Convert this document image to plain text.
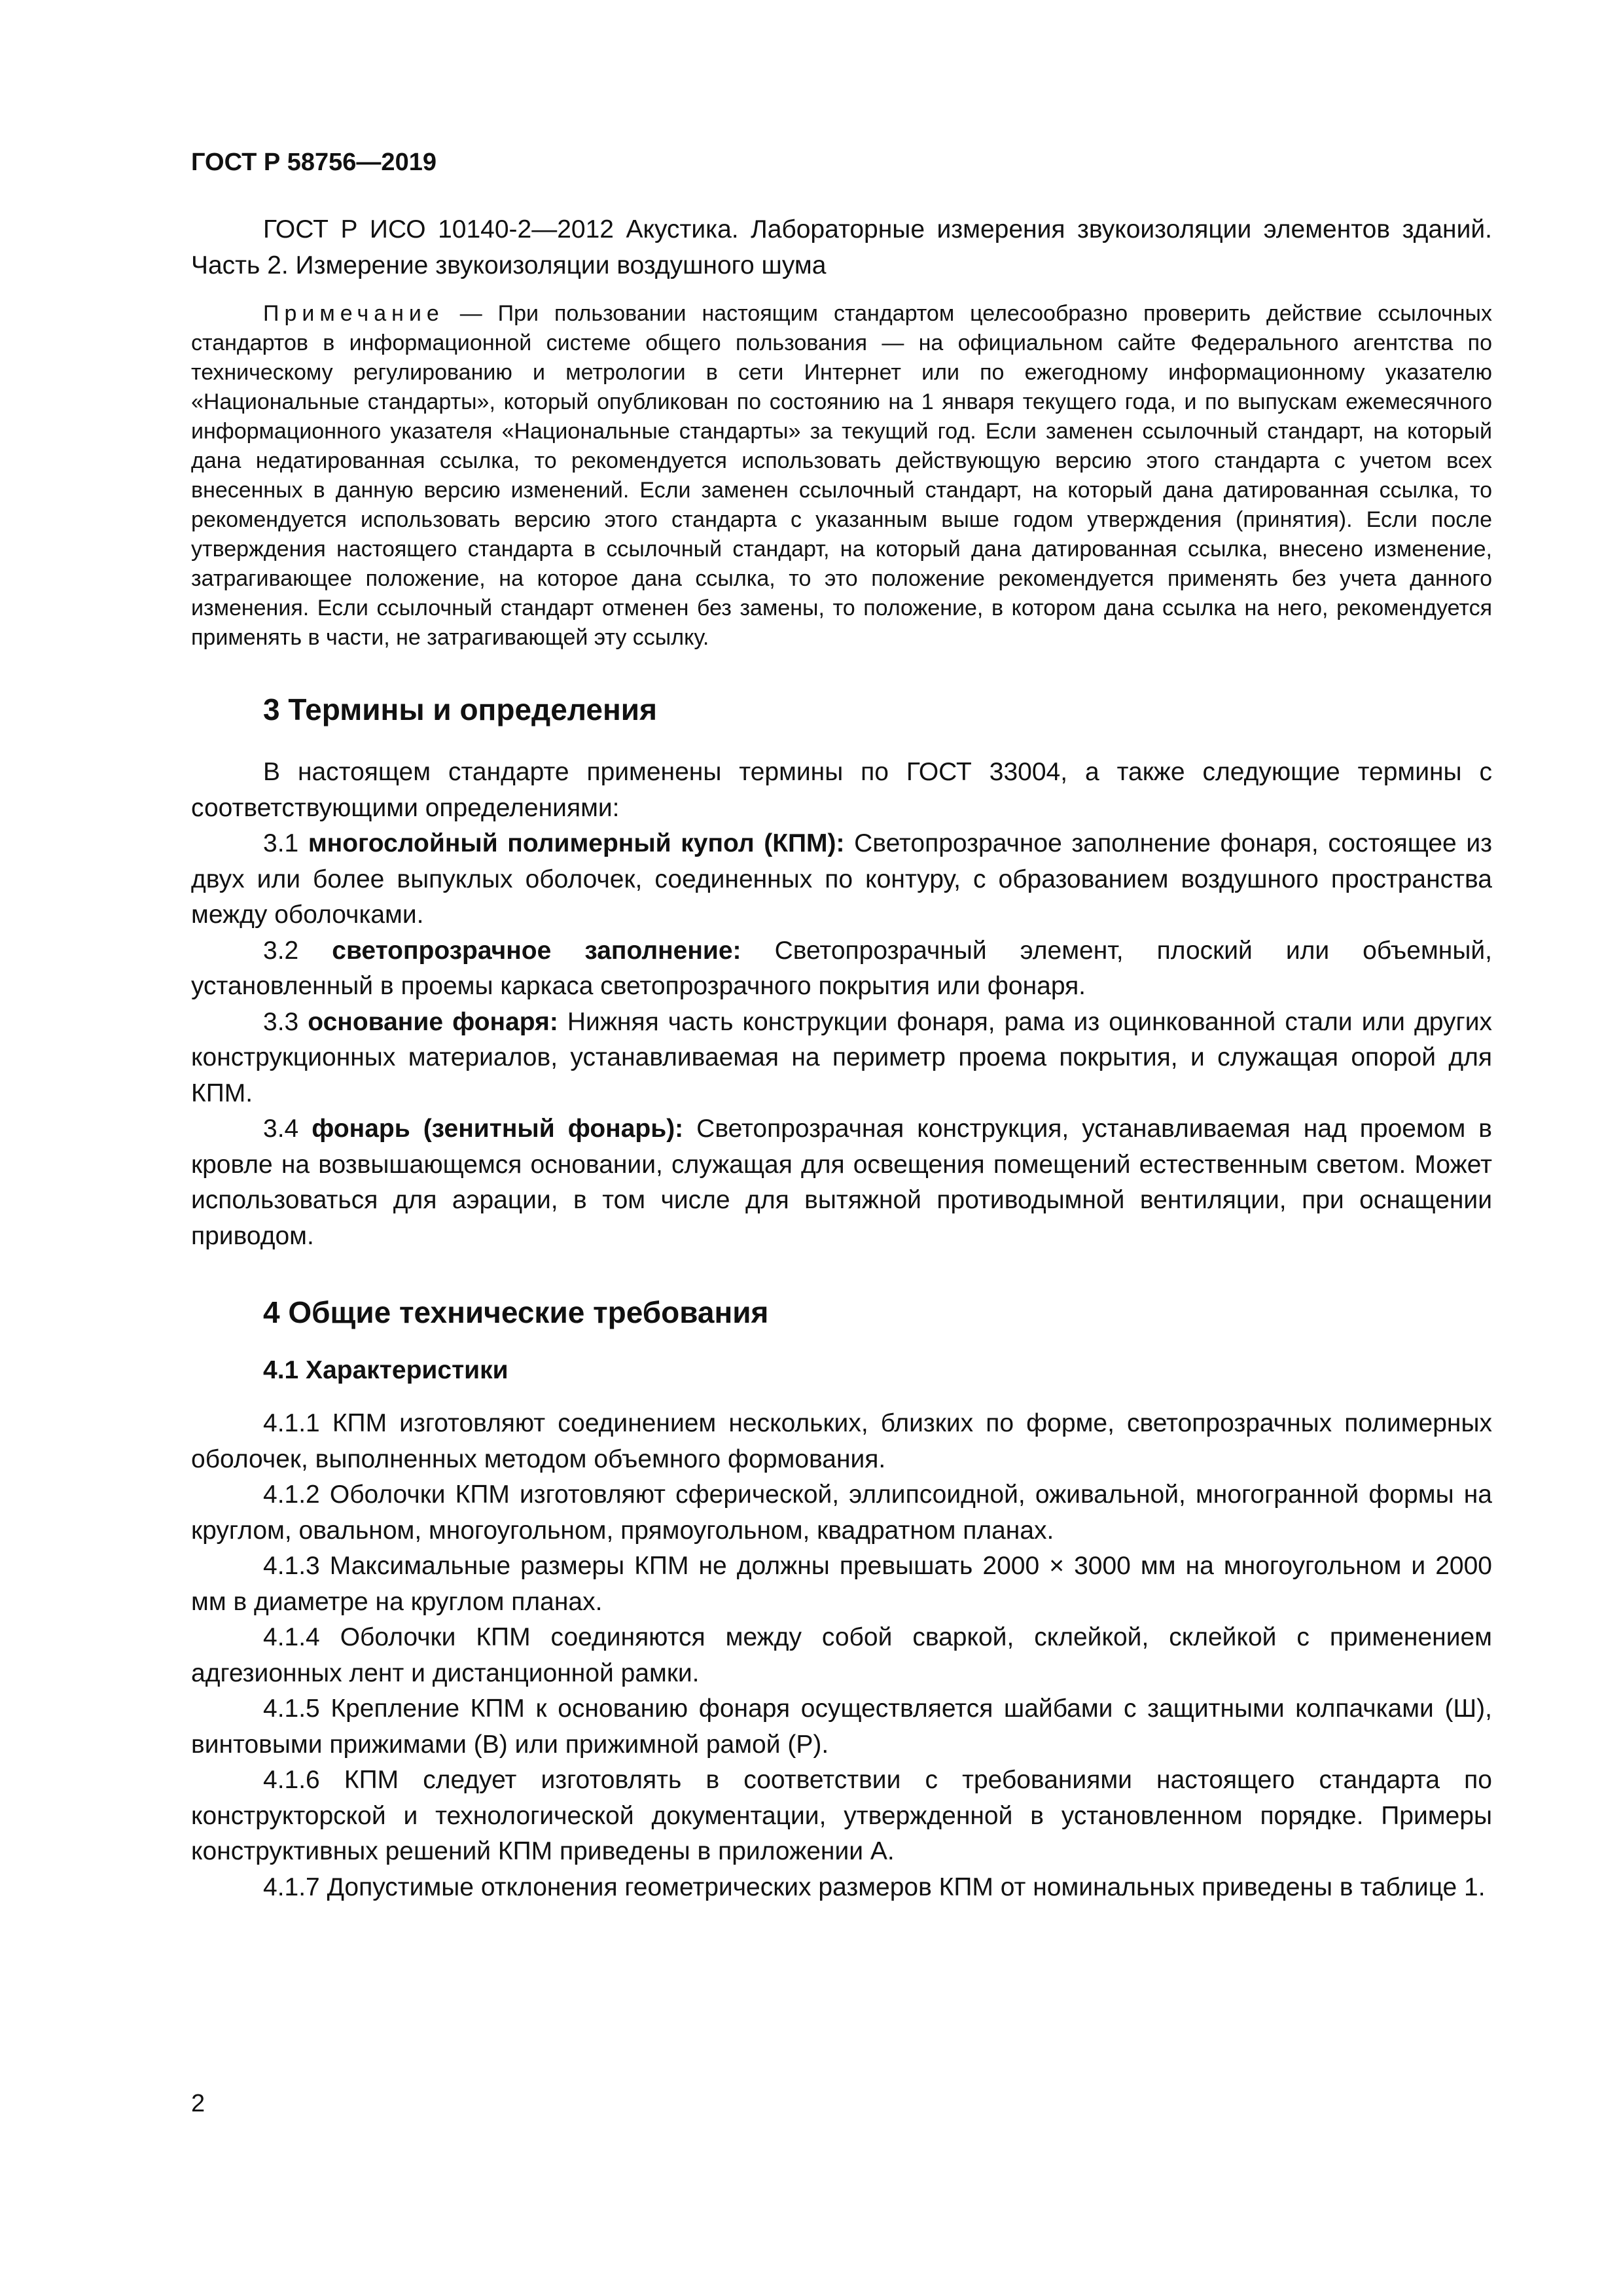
ГОСТ Р 58756—2019

ГОСТ Р ИСО 10140-2—2012 Акустика. Лабораторные измерения звукоизоляции элементов зданий. Часть 2. Измерение звукоизоляции воздушного шума

Примечание — При пользовании настоящим стандартом целесообразно проверить действие ссылочных стандартов в информационной системе общего пользования — на официальном сайте Федерального агентства по техническому регулированию и метрологии в сети Интернет или по ежегодному информационному указателю «Национальные стандарты», который опубликован по состоянию на 1 января текущего года, и по выпускам ежемесячного информационного указателя «Национальные стандарты» за текущий год. Если заменен ссылочный стандарт, на который дана недатированная ссылка, то рекомендуется использовать действующую версию этого стандарта с учетом всех внесенных в данную версию изменений. Если заменен ссылочный стандарт, на который дана датированная ссылка, то рекомендуется использовать версию этого стандарта с указанным выше годом утверждения (принятия). Если после утверждения настоящего стандарта в ссылочный стандарт, на который дана датированная ссылка, внесено изменение, затрагивающее положение, на которое дана ссылка, то это положение рекомендуется применять без учета данного изменения. Если ссылочный стандарт отменен без замены, то положение, в котором дана ссылка на него, рекомендуется применять в части, не затрагивающей эту ссылку.

3 Термины и определения

В настоящем стандарте применены термины по ГОСТ 33004, а также следующие термины с соответствующими определениями:

3.1 многослойный полимерный купол (КПМ): Светопрозрачное заполнение фонаря, состоящее из двух или более выпуклых оболочек, соединенных по контуру, с образованием воздушного пространства между оболочками.

3.2 светопрозрачное заполнение: Светопрозрачный элемент, плоский или объемный, установленный в проемы каркаса светопрозрачного покрытия или фонаря.

3.3 основание фонаря: Нижняя часть конструкции фонаря, рама из оцинкованной стали или других конструкционных материалов, устанавливаемая на периметр проема покрытия, и служащая опорой для КПМ.

3.4 фонарь (зенитный фонарь): Светопрозрачная конструкция, устанавливаемая над проемом в кровле на возвышающемся основании, служащая для освещения помещений естественным светом. Может использоваться для аэрации, в том числе для вытяжной противодымной вентиляции, при оснащении приводом.

4 Общие технические требования
4.1 Характеристики

4.1.1 КПМ изготовляют соединением нескольких, близких по форме, светопрозрачных полимерных оболочек, выполненных методом объемного формования.

4.1.2 Оболочки КПМ изготовляют сферической, эллипсоидной, оживальной, многогранной формы на круглом, овальном, многоугольном, прямоугольном, квадратном планах.

4.1.3 Максимальные размеры КПМ не должны превышать 2000 × 3000 мм на многоугольном и 2000 мм в диаметре на круглом планах.

4.1.4 Оболочки КПМ соединяются между собой сваркой, склейкой, склейкой с применением адгезионных лент и дистанционной рамки.

4.1.5 Крепление КПМ к основанию фонаря осуществляется шайбами с защитными колпачками (Ш), винтовыми прижимами (В) или прижимной рамой (Р).

4.1.6 КПМ следует изготовлять в соответствии с требованиями настоящего стандарта по конструкторской и технологической документации, утвержденной в установленном порядке. Примеры конструктивных решений КПМ приведены в приложении А.

4.1.7 Допустимые отклонения геометрических размеров КПМ от номинальных приведены в таблице 1.

2
